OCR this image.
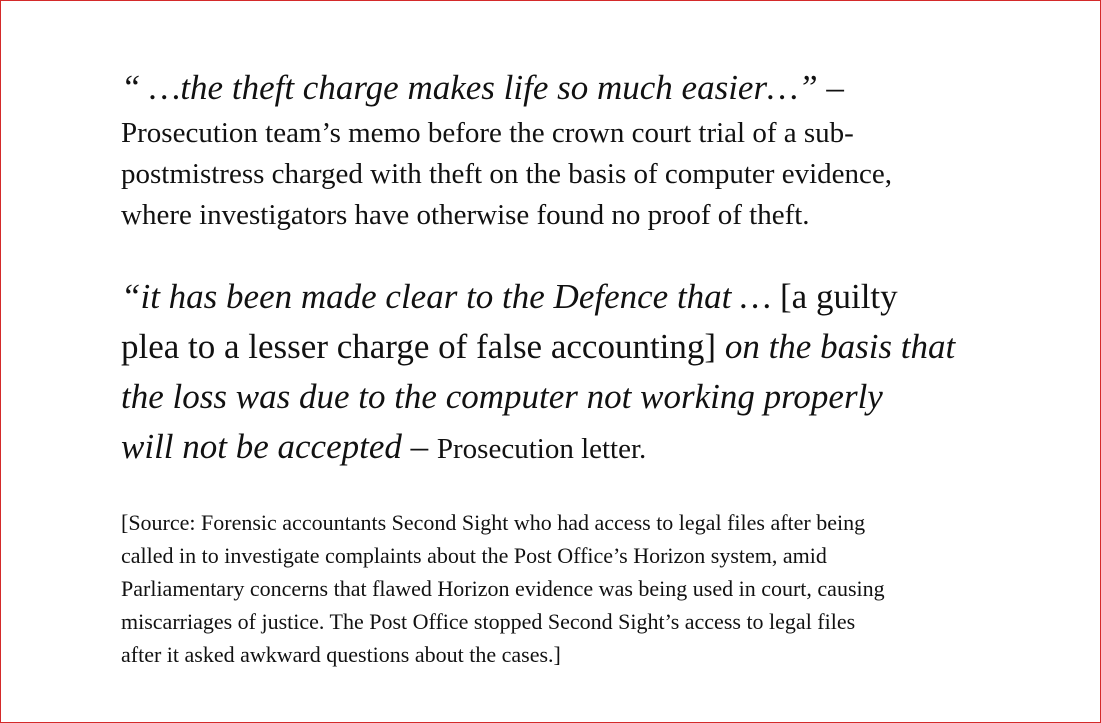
“ …the theft charge makes life so much easier…” –
Prosecution team’s memo before the crown court trial of a sub-
postmistress charged with theft on the basis of computer evidence,
where investigators have otherwise found no proof of theft.
“it has been made clear to the Defence that … [a guilty
plea to a lesser charge of false accounting] on the basis that
the loss was due to the computer not working properly
will not be accepted – Prosecution letter.
[Source: Forensic accountants Second Sight who had access to legal files after being
called in to investigate complaints about the Post Office’s Horizon system, amid
Parliamentary concerns that flawed Horizon evidence was being used in court, causing
miscarriages of justice. The Post Office stopped Second Sight’s access to legal files
after it asked awkward questions about the cases.]
